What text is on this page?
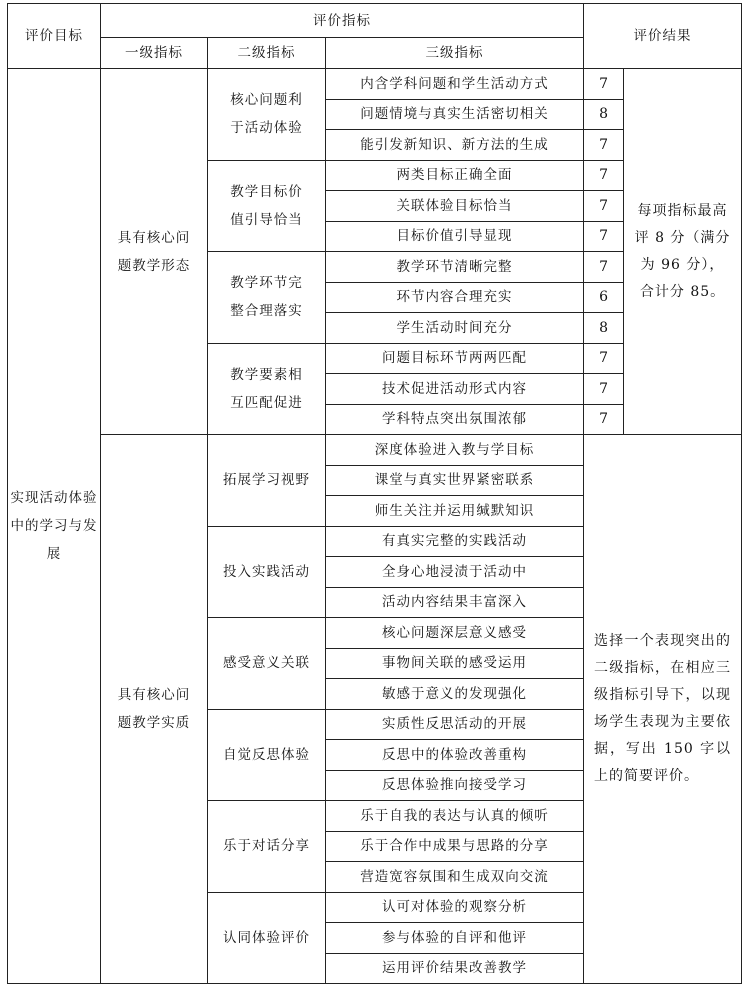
评价目标	评价指标			评价结果	
	一级指标	二级指标	三级指标		
实现活动体验中的学习与发展	具有核心问题教学形态	核心问题利于活动体验	内含学科问题和学生活动方式	7	每项指标最高评 8 分（满分为 96 分），合计分 85。
			问题情境与真实生活密切相关	8	
			能引发新知识、新方法的生成	7	
		教学目标价值引导恰当	两类目标正确全面	7	
			关联体验目标恰当	7	
			目标价值引导显现	7	
		教学环节完整合理落实	教学环节清晰完整	7	
			环节内容合理充实	6	
			学生活动时间充分	8	
		教学要素相互匹配促进	问题目标环节两两匹配	7	
			技术促进活动形式内容	7	
			学科特点突出氛围浓郁	7	
	具有核心问题教学实质	拓展学习视野	深度体验进入教与学目标	选择一个表现突出的二级指标，在相应三级指标引导下，以现场学生表现为主要依据，写出 150 字以上的简要评价。	
			课堂与真实世界紧密联系		
			师生关注并运用缄默知识		
		投入实践活动	有真实完整的实践活动		
			全身心地浸渍于活动中		
			活动内容结果丰富深入		
		感受意义关联	核心问题深层意义感受		
			事物间关联的感受运用		
			敏感于意义的发现强化		
		自觉反思体验	实质性反思活动的开展		
			反思中的体验改善重构		
			反思体验推向接受学习		
		乐于对话分享	乐于自我的表达与认真的倾听		
			乐于合作中成果与思路的分享		
			营造宽容氛围和生成双向交流		
		认同体验评价	认可对体验的观察分析		
			参与体验的自评和他评		
			运用评价结果改善教学		
